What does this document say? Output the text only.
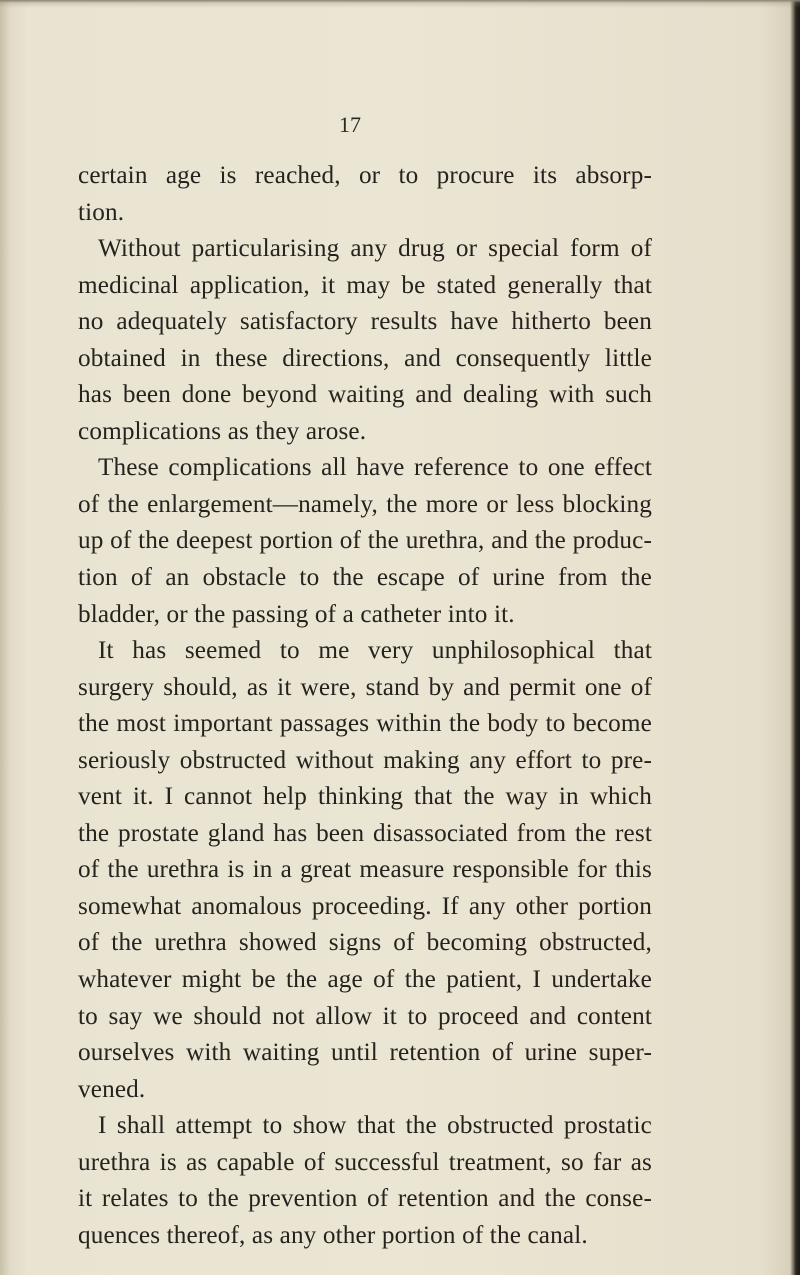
17

certain age is reached, or to procure its absorp-

tion.

Without particularising any drug or special form of

medicinal application, it may be stated generally that

no adequately satisfactory results have hitherto been

obtained in these directions, and consequently little

has been done beyond waiting and dealing with such

complications as they arose.

These complications all have reference to one effect

of the enlargement—namely, the more or less blocking

up of the deepest portion of the urethra, and the produc-

tion of an obstacle to the escape of urine from the

bladder, or the passing of a catheter into it.

It has seemed to me very unphilosophical that

surgery should, as it were, stand by and permit one of

the most important passages within the body to become

seriously obstructed without making any effort to pre-

vent it. I cannot help thinking that the way in which

the prostate gland has been disassociated from the rest

of the urethra is in a great measure responsible for this

somewhat anomalous proceeding. If any other portion

of the urethra showed signs of becoming obstructed,

whatever might be the age of the patient, I undertake

to say we should not allow it to proceed and content

ourselves with waiting until retention of urine super-

vened.

I shall attempt to show that the obstructed prostatic

urethra is as capable of successful treatment, so far as

it relates to the prevention of retention and the conse-

quences thereof, as any other portion of the canal.
